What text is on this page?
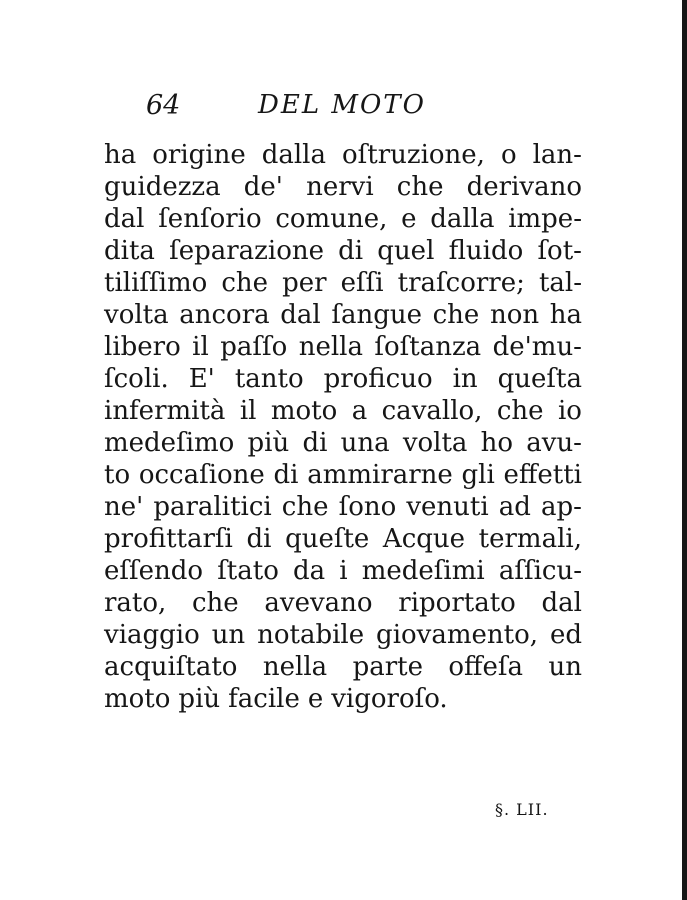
64	DEL MOTO
ha origine dalla oſtruzione, o lan-
guidezza de' nervi che derivano
dal ſenſorio comune, e dalla impe-
dita ſeparazione di quel fluido ſot-
tiliſſimo che per eſſi traſcorre; tal-
volta ancora dal ſangue che non ha
libero il paſſo nella ſoſtanza de'mu-
ſcoli. E' tanto proficuo in queſta
infermità il moto a cavallo, che io
medeſimo più di una volta ho avu-
to occaſione di ammirarne gli effetti
ne' paralitici che ſono venuti ad ap-
profittarſi di queſte Acque termali,
eſſendo ſtato da i medeſimi aſſicu-
rato, che avevano riportato dal
viaggio un notabile giovamento, ed
acquiſtato nella parte offeſa un
moto più facile e vigoroſo.
§. LII.
